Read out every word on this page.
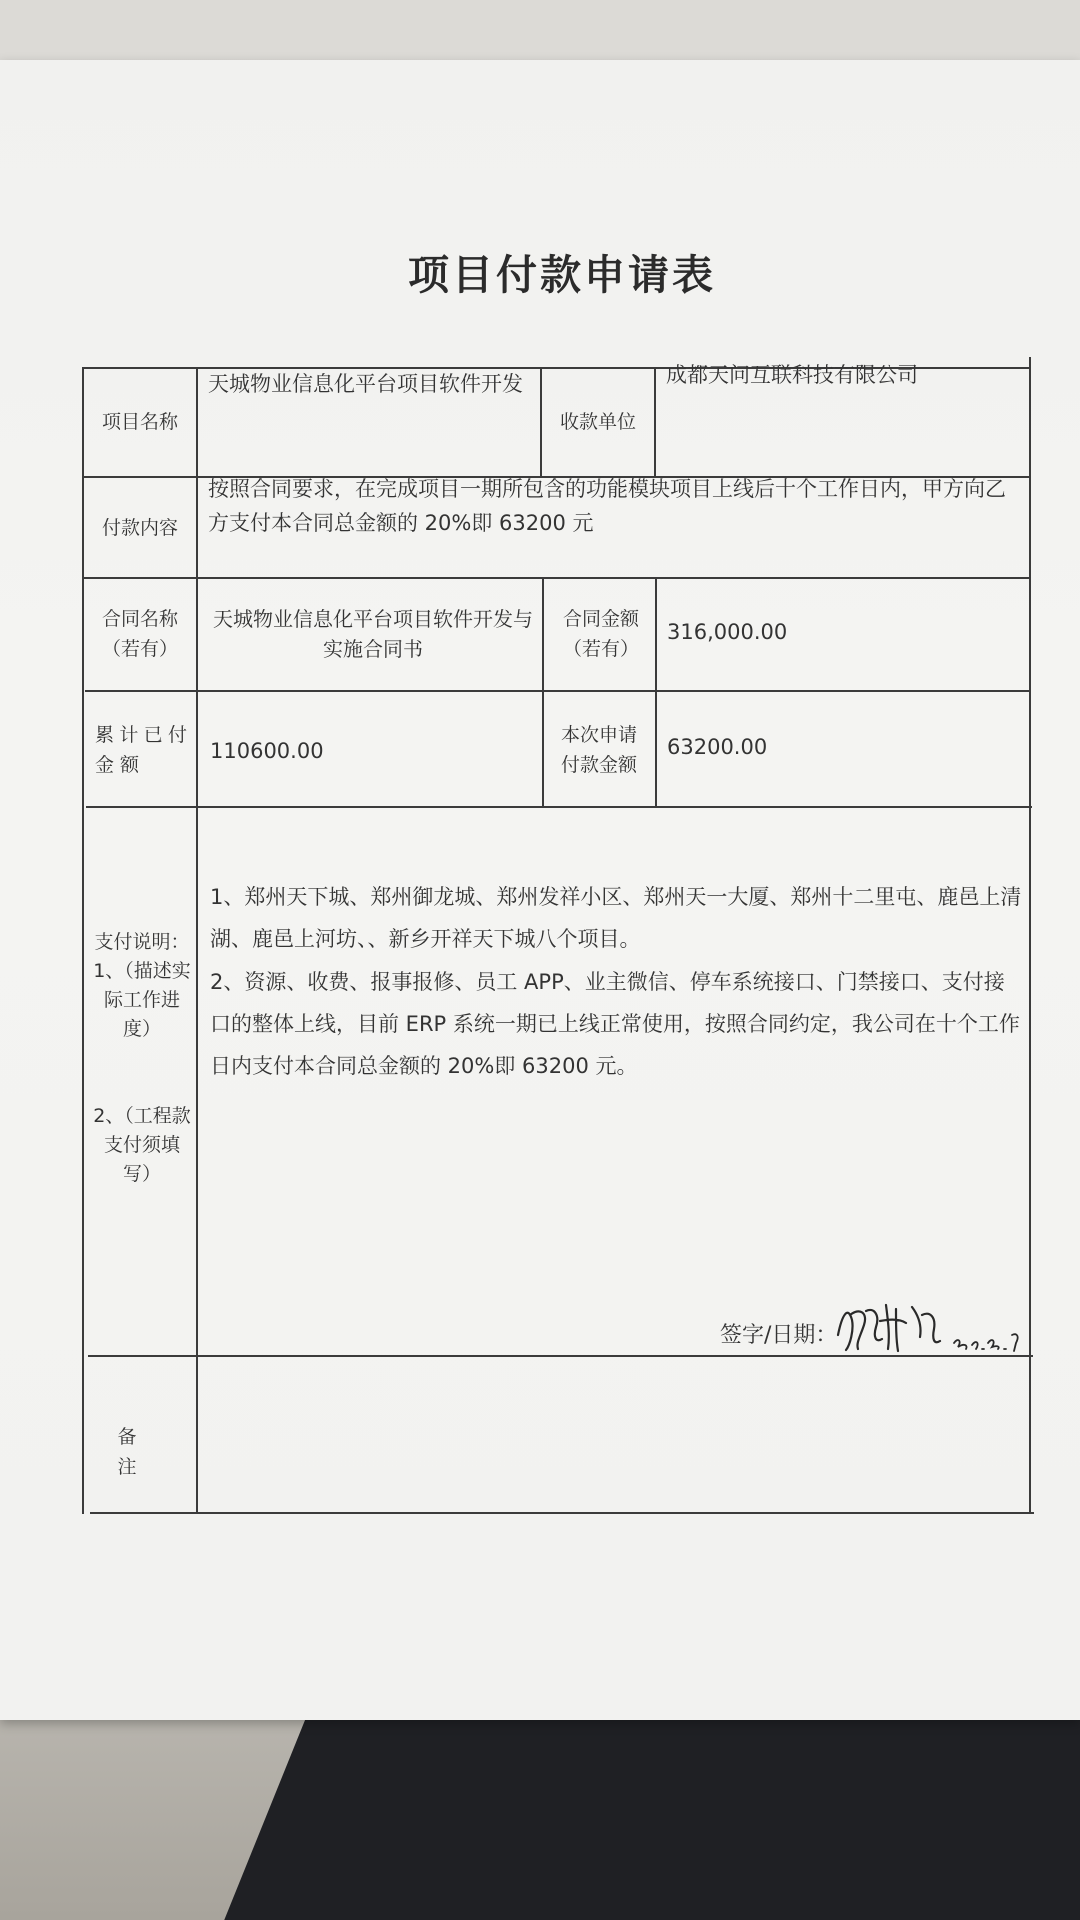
项目付款申请表
项目名称
天城物业信息化平台项目软件开发
收款单位
成都天问互联科技有限公司
付款内容
按照合同要求，在完成项目一期所包含的功能模块项目上线后十个工作日内，甲方向乙方支付本合同总金额的 20%即 63200 元
合同名称（若有）
天城物业信息化平台项目软件开发与实施合同书
合同金额（若有）
316,000.00
累计已付金 额
110600.00
本次申请付款金额
63200.00
支付说明：
1、（描述实际工作进度）
2、（工程款支付须填写）
1、郑州天下城、郑州御龙城、郑州发祥小区、郑州天一大厦、郑州十二里屯、鹿邑上清湖、鹿邑上河坊、、新乡开祥天下城八个项目。
2、资源、收费、报事报修、员工 APP、业主微信、停车系统接口、门禁接口、支付接口的整体上线，目前 ERP 系统一期已上线正常使用，按照合同约定，我公司在十个工作日内支付本合同总金额的 20%即 63200 元。
签字/日期：
备 注
